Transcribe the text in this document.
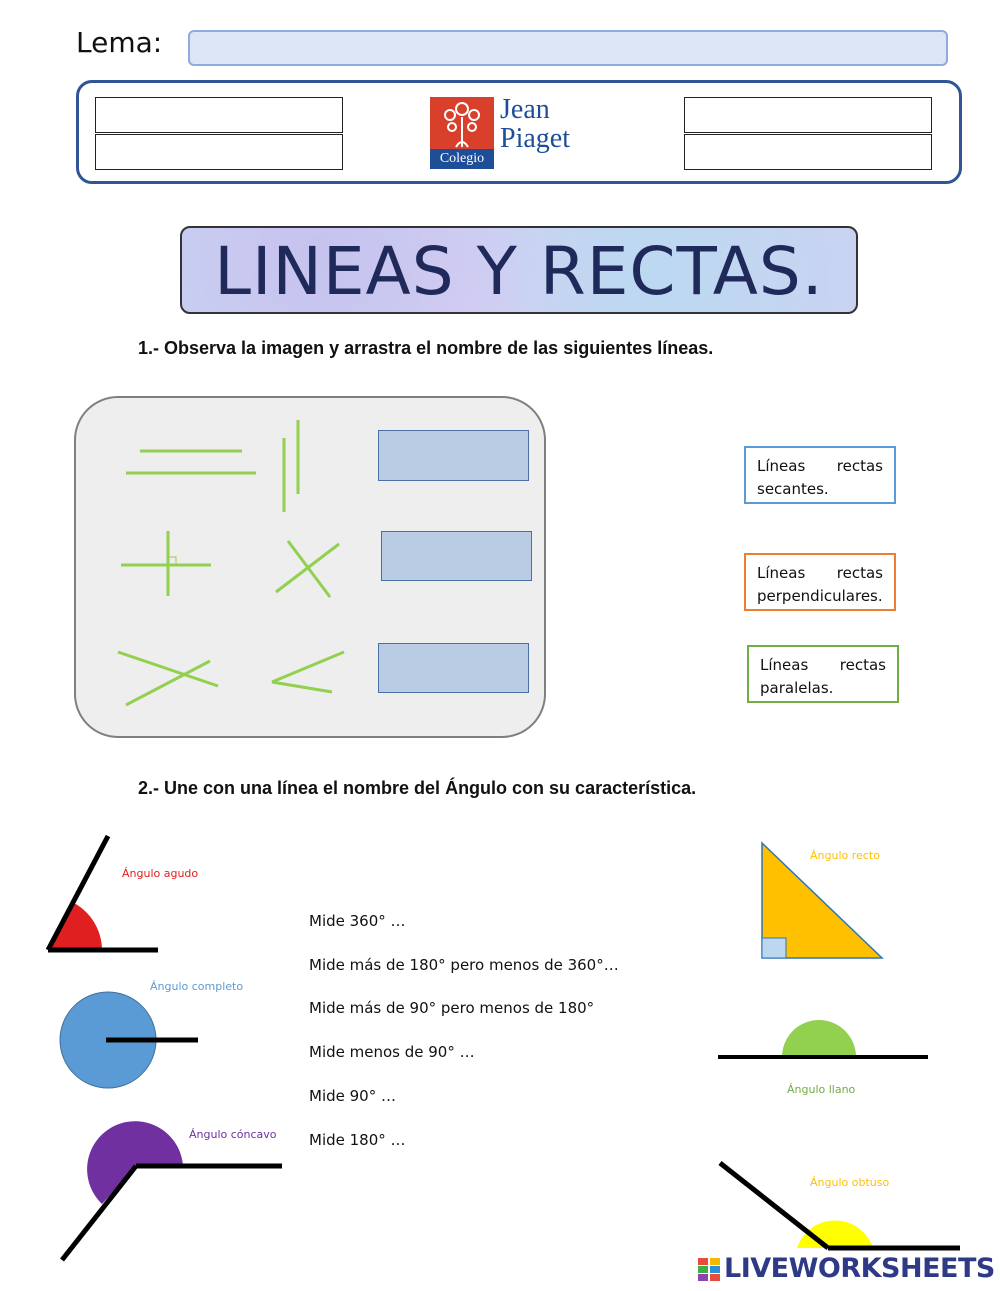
Lema:
Colegio
Jean
Piaget
LINEAS Y RECTAS.
1.- Observa la imagen y arrastra el nombre de las siguientes líneas.
Líneas rectas
secantes.
Líneas rectas
perpendiculares.
Líneas rectas
paralelas.
2.- Une con una línea el nombre del Ángulo con su característica.
Ángulo agudo
Ángulo completo
Ángulo cóncavo
Mide 360° …
Mide más de 180° pero menos de 360°…
Mide más de 90° pero menos de 180°
Mide menos de 90° …
Mide 90° …
Mide 180° …
Ángulo recto
Ángulo llano
Ángulo obtuso
LIVEWORKSHEETS
